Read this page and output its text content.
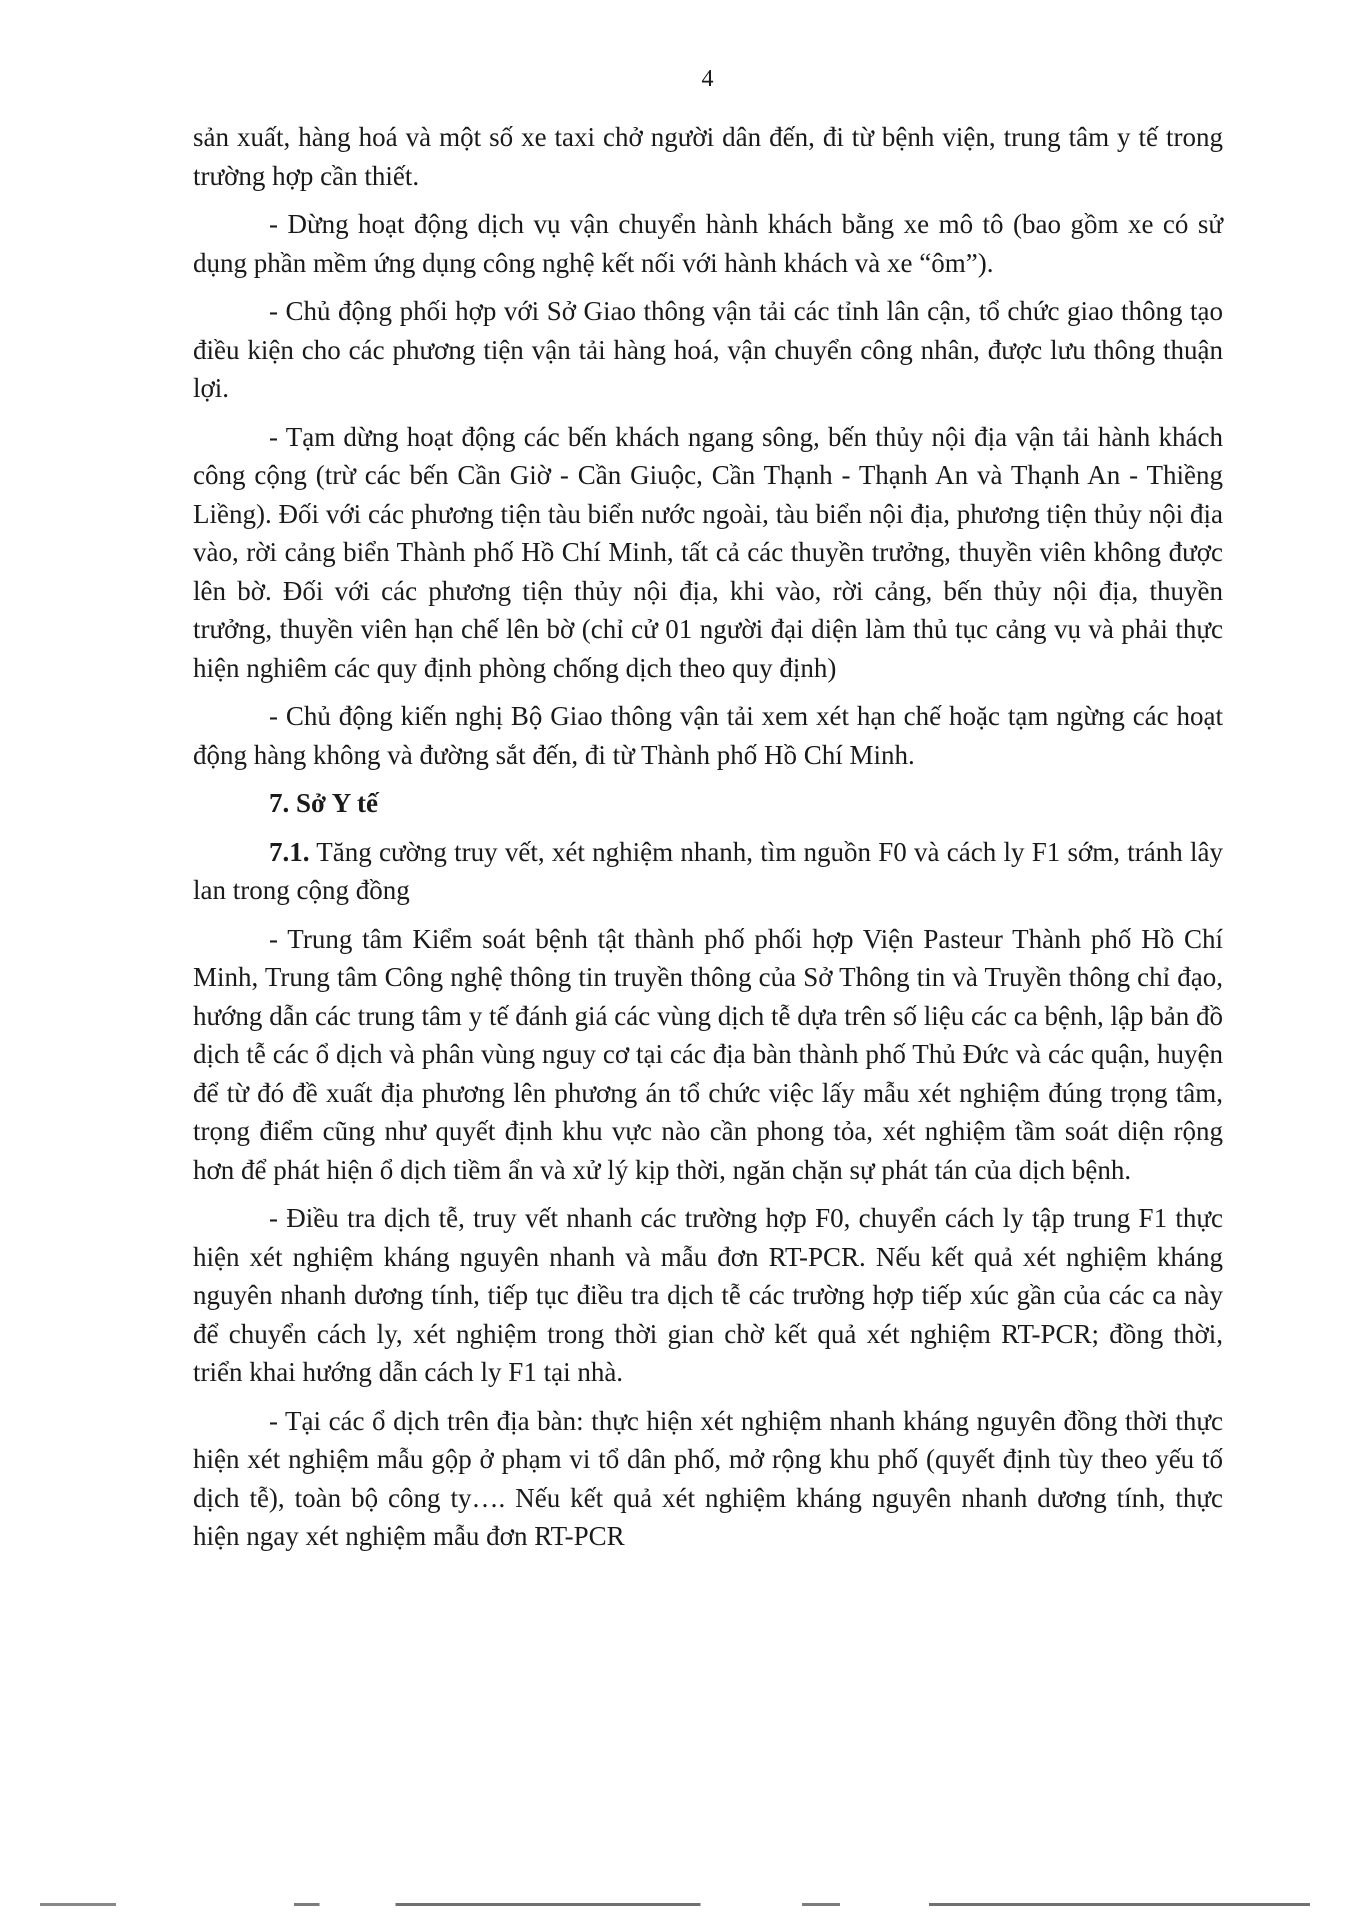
4

sản xuất, hàng hoá và một số xe taxi chở người dân đến, đi từ bệnh viện, trung tâm y tế trong trường hợp cần thiết.

- Dừng hoạt động dịch vụ vận chuyển hành khách bằng xe mô tô (bao gồm xe có sử dụng phần mềm ứng dụng công nghệ kết nối với hành khách và xe “ôm”).

- Chủ động phối hợp với Sở Giao thông vận tải các tỉnh lân cận, tổ chức giao thông tạo điều kiện cho các phương tiện vận tải hàng hoá, vận chuyển công nhân, được lưu thông thuận lợi.

- Tạm dừng hoạt động các bến khách ngang sông, bến thủy nội địa vận tải hành khách công cộng (trừ các bến Cần Giờ - Cần Giuộc, Cần Thạnh - Thạnh An và Thạnh An - Thiềng Liềng). Đối với các phương tiện tàu biển nước ngoài, tàu biển nội địa, phương tiện thủy nội địa vào, rời cảng biển Thành phố Hồ Chí Minh, tất cả các thuyền trưởng, thuyền viên không được lên bờ. Đối với các phương tiện thủy nội địa, khi vào, rời cảng, bến thủy nội địa, thuyền trưởng, thuyền viên hạn chế lên bờ (chỉ cử 01 người đại diện làm thủ tục cảng vụ và phải thực hiện nghiêm các quy định phòng chống dịch theo quy định)

- Chủ động kiến nghị Bộ Giao thông vận tải xem xét hạn chế hoặc tạm ngừng các hoạt động hàng không và đường sắt đến, đi từ Thành phố Hồ Chí Minh.

7. Sở Y tế

7.1. Tăng cường truy vết, xét nghiệm nhanh, tìm nguồn F0 và cách ly F1 sớm, tránh lây lan trong cộng đồng

- Trung tâm Kiểm soát bệnh tật thành phố phối hợp Viện Pasteur Thành phố Hồ Chí Minh, Trung tâm Công nghệ thông tin truyền thông của Sở Thông tin và Truyền thông chỉ đạo, hướng dẫn các trung tâm y tế đánh giá các vùng dịch tễ dựa trên số liệu các ca bệnh, lập bản đồ dịch tễ các ổ dịch và phân vùng nguy cơ tại các địa bàn thành phố Thủ Đức và các quận, huyện để từ đó đề xuất địa phương lên phương án tổ chức việc lấy mẫu xét nghiệm đúng trọng tâm, trọng điểm cũng như quyết định khu vực nào cần phong tỏa, xét nghiệm tầm soát diện rộng hơn để phát hiện ổ dịch tiềm ẩn và xử lý kịp thời, ngăn chặn sự phát tán của dịch bệnh.

- Điều tra dịch tễ, truy vết nhanh các trường hợp F0, chuyển cách ly tập trung F1 thực hiện xét nghiệm kháng nguyên nhanh và mẫu đơn RT-PCR. Nếu kết quả xét nghiệm kháng nguyên nhanh dương tính, tiếp tục điều tra dịch tễ các trường hợp tiếp xúc gần của các ca này để chuyển cách ly, xét nghiệm trong thời gian chờ kết quả xét nghiệm RT-PCR; đồng thời, triển khai hướng dẫn cách ly F1 tại nhà.

- Tại các ổ dịch trên địa bàn: thực hiện xét nghiệm nhanh kháng nguyên đồng thời thực hiện xét nghiệm mẫu gộp ở phạm vi tổ dân phố, mở rộng khu phố (quyết định tùy theo yếu tố dịch tễ), toàn bộ công ty…. Nếu kết quả xét nghiệm kháng nguyên nhanh dương tính, thực hiện ngay xét nghiệm mẫu đơn RT-PCR
